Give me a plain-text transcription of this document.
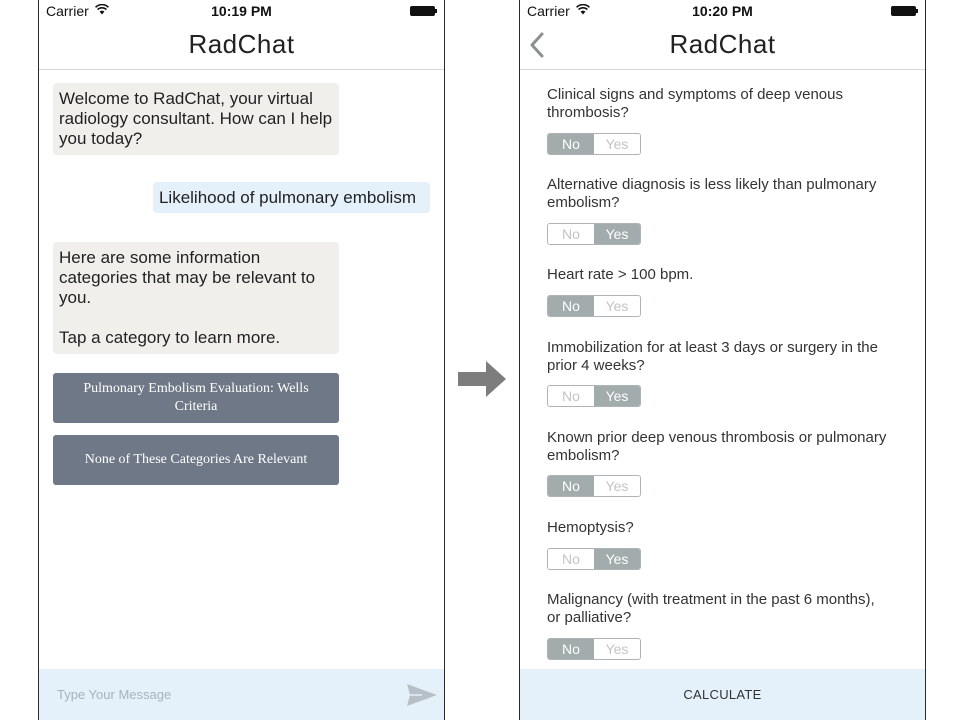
Carrier	10:19 PM
RadChat
Welcome to RadChat, your virtual radiology consultant. How can I help you today?
Likelihood of pulmonary embolism
Here are some information categories that may be relevant to you.

Tap a category to learn more.
Pulmonary Embolism Evaluation: Wells Criteria
None of These Categories Are Relevant
Type Your Message
Carrier	10:20 PM
RadChat
Clinical signs and symptoms of deep venous thrombosis?
No	Yes
Alternative diagnosis is less likely than pulmonary embolism?
No	Yes
Heart rate > 100 bpm.
No	Yes
Immobilization for at least 3 days or surgery in the prior 4 weeks?
No	Yes
Known prior deep venous thrombosis or pulmonary embolism?
No	Yes
Hemoptysis?
No	Yes
Malignancy (with treatment in the past 6 months), or palliative?
No	Yes
CALCULATE
